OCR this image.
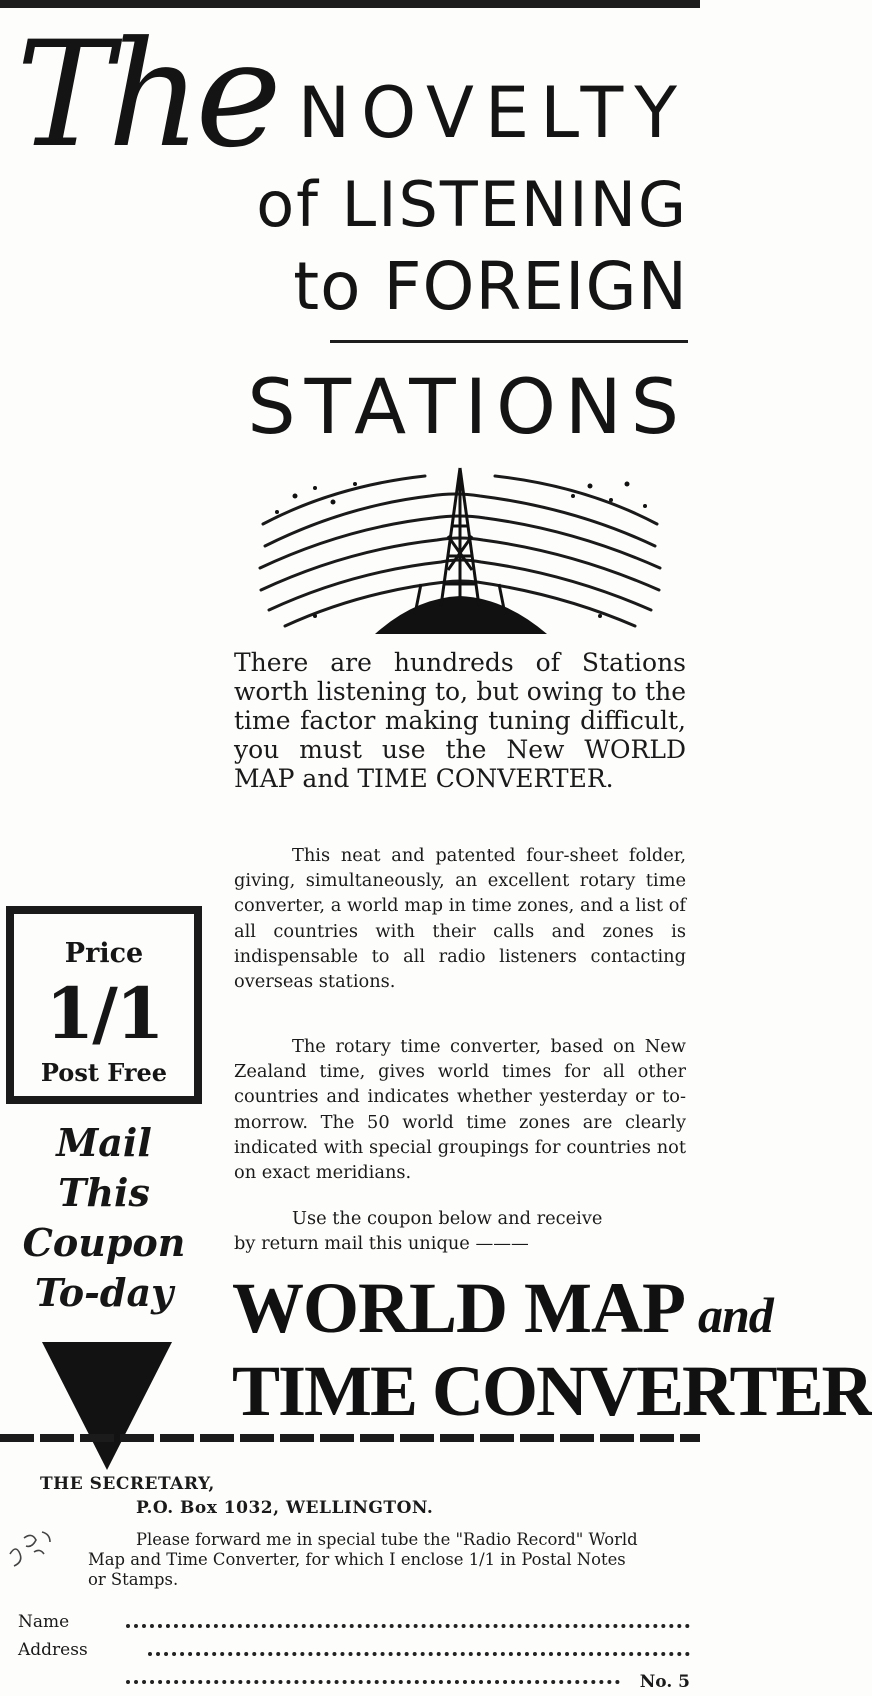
The NOVELTY
of LISTENING
to FOREIGN
STATIONS

There are hundreds of Stations worth listening to, but owing to the time factor making tuning difficult, you must use the New WORLD MAP and TIME CONVERTER.

This neat and patented four-sheet folder, giving, simultaneously, an excellent rotary time converter, a world map in time zones, and a list of all countries with their calls and zones is indispensable to all radio listeners contacting overseas stations.

The rotary time converter, based on New Zealand time, gives world times for all other countries and indicates whether yesterday or to-morrow. The 50 world time zones are clearly indicated with special groupings for countries not on exact meridians.

Use the coupon below and receive
by return mail this unique ———

Price
1/1
Post Free
Mail
This
Coupon
To-day WORLD MAP and
TIME CONVERTER

THE SECRETARY,

P.O. Box 1032, WELLINGTON.

Please forward me in special tube the "Radio Record" World Map and Time Converter, for which I enclose 1/1 in Postal Notes or Stamps.

Name
Address
No. 5
